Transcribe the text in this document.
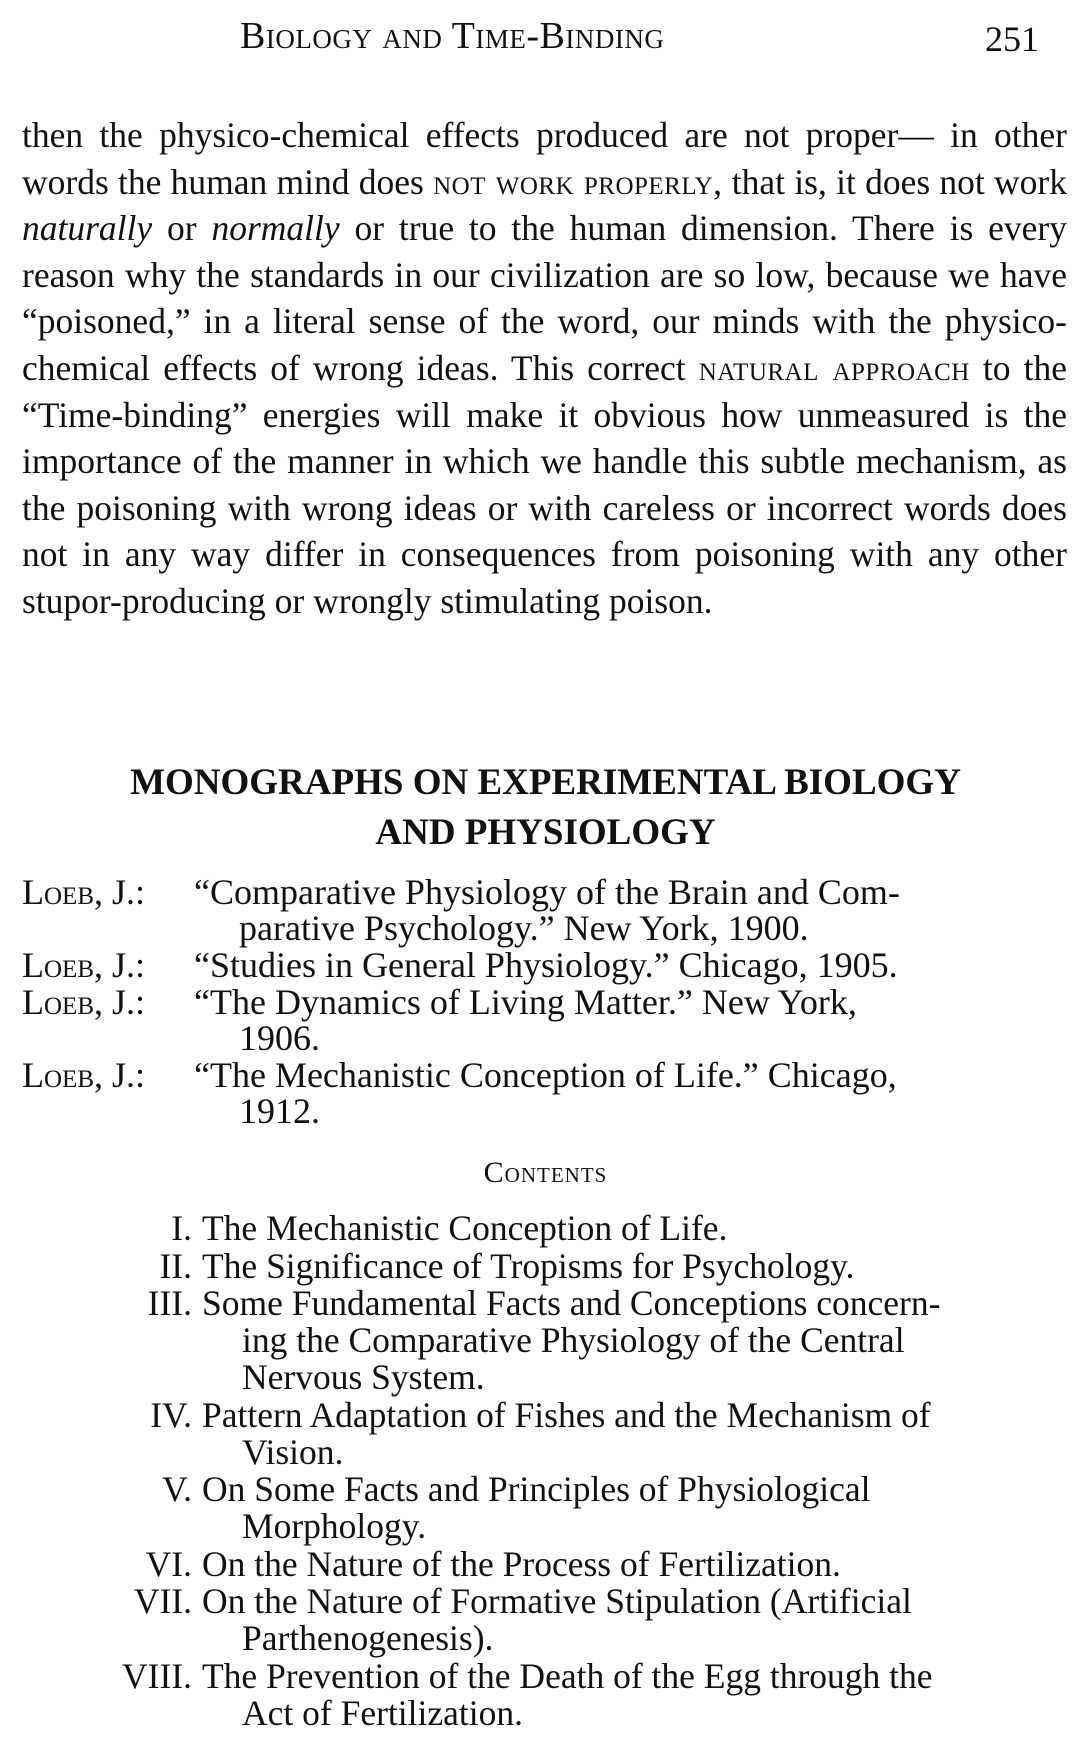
Biology and Time-Binding	251

then the physico-chemical effects produced are not proper— in other words the human mind does not work properly, that is, it does not work naturally or normally or true to the human dimension. There is every reason why the standards in our civilization are so low, because we have “poisoned,” in a literal sense of the word, our minds with the physico-chemical effects of wrong ideas. This correct natural approach to the “Time-binding” energies will make it obvious how unmeasured is the importance of the manner in which we handle this subtle mechanism, as the poisoning with wrong ideas or with careless or incorrect words does not in any way differ in consequences from poisoning with any other stupor-producing or wrongly stimulating poison.

MONOGRAPHS ON EXPERIMENTAL BIOLOGY
AND PHYSIOLOGY
Loeb, J.:	“Comparative Physiology of the Brain and Com-
parative Psychology.” New York, 1900.
Loeb, J.:	“Studies in General Physiology.” Chicago, 1905.
Loeb, J.:	“The Dynamics of Living Matter.” New York,
1906.
Loeb, J.:	“The Mechanistic Conception of Life.” Chicago,
1912.
Contents
I. The Mechanistic Conception of Life.
II. The Significance of Tropisms for Psychology.
III. Some Fundamental Facts and Conceptions concern-
ing the Comparative Physiology of the Central
Nervous System.
IV. Pattern Adaptation of Fishes and the Mechanism of
Vision.
V. On Some Facts and Principles of Physiological
Morphology.
VI. On the Nature of the Process of Fertilization.
VII. On the Nature of Formative Stipulation (Artificial
Parthenogenesis).
VIII. The Prevention of the Death of the Egg through the
Act of Fertilization.
